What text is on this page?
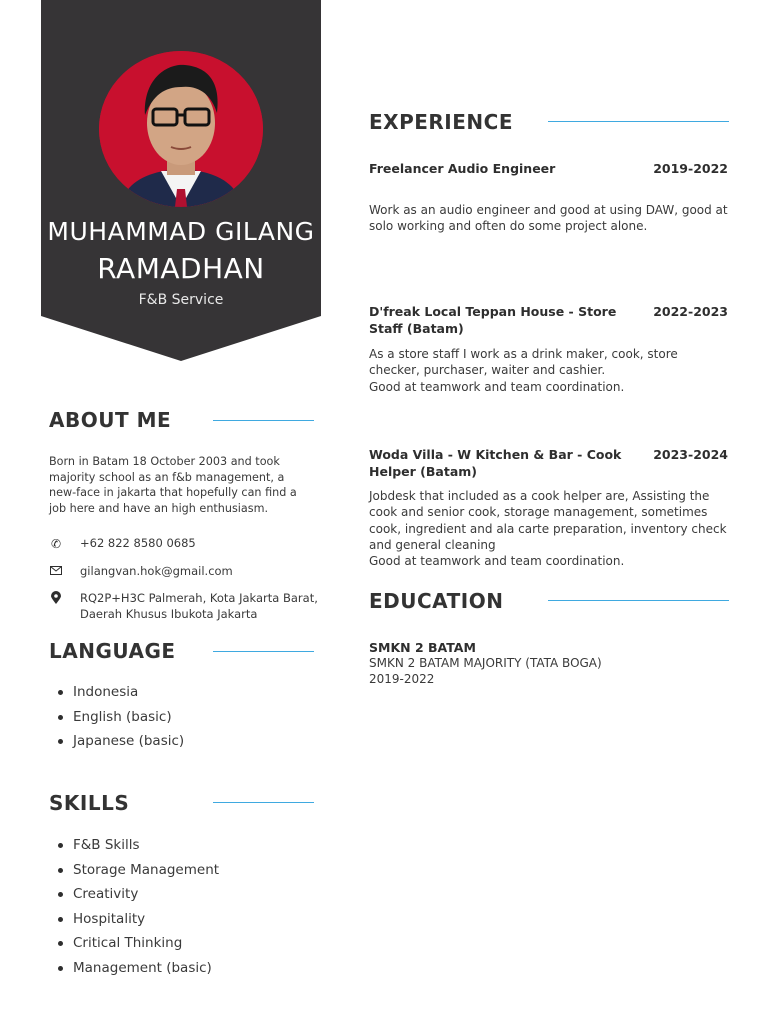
MUHAMMAD GILANG
RAMADHAN
F&B Service
ABOUT ME
Born in Batam 18 October 2003 and took majority school as an f&b management, a new-face in jakarta that hopefully can find a job here and have an high enthusiasm.
✆ +62 822 8580 0685
gilangvan.hok@gmail.com
RQ2P+H3C Palmerah, Kota Jakarta Barat, Daerah Khusus Ibukota Jakarta
LANGUAGE
Indonesia
English (basic)
Japanese (basic)
SKILLS
F&B Skills
Storage Management
Creativity
Hospitality
Critical Thinking
Management (basic)
EXPERIENCE
Freelancer Audio Engineer	2019-2022
Work as an audio engineer and good at using DAW, good at solo working and often do some project alone.
D'freak Local Teppan House - Store Staff (Batam)
2022-2023
As a store staff I work as a drink maker, cook, store checker, purchaser, waiter and cashier.
Good at teamwork and team coordination.
Woda Villa - W Kitchen & Bar - Cook Helper (Batam)
2023-2024
Jobdesk that included as a cook helper are, Assisting the cook and senior cook, storage management, sometimes cook, ingredient and ala carte preparation, inventory check and general cleaning
Good at teamwork and team coordination.
EDUCATION
SMKN 2 BATAM
SMKN 2 BATAM MAJORITY (TATA BOGA)
2019-2022
